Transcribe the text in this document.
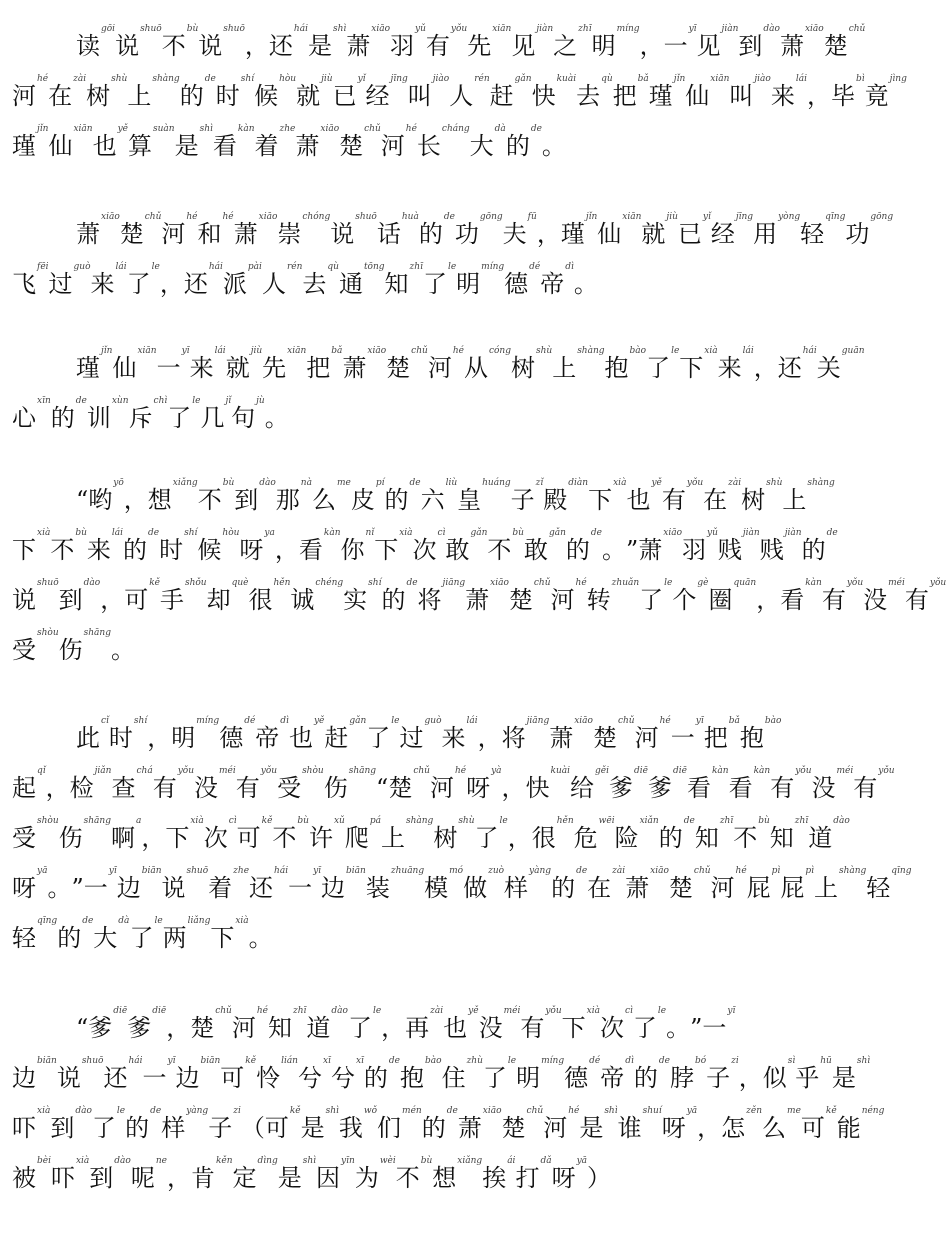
读gōi
说shuō
不bù
说shuō
， 还hái
是shì
萧xiāo
羽yǔ
有yǒu
先xiān
见jiàn
之zhī
明míng
， 一yī
见jiàn
到dào
萧xiāo
楚chǔ
河hé
在zài
树shù
上shàng
的de
时shí
候hòu
就jiù
已yǐ
经jīng
叫jiào
人rén
赶gǎn
快kuài
去qù
把bǎ
瑾jǐn
仙xiān
叫jiào
来lái
， 毕bì
竟jìng
瑾jǐn
仙xiān
也yě
算suàn
是shì
看kàn
着zhe
萧xiāo
楚chǔ
河hé
长cháng
大dà
的de
。
萧xiāo
楚chǔ
河hé
和hé
萧xiāo
崇chóng
说shuō
话huà
的de
功gōng
夫fū
， 瑾jǐn
仙xiān
就jiù
已yǐ
经jīng
用yòng
轻qīng
功gōng
飞fēi
过guò
来lái
了le
， 还hái
派pài
人rén
去qù
通tōng
知zhī
了le
明míng
德dé
帝dì
。
瑾jǐn
仙xiān
一yī
来lái
就jiù
先xiān
把bǎ
萧xiāo
楚chǔ
河hé
从cóng
树shù
上shàng
抱bào
了le
下xià
来lái
， 还hái
关guān
心xīn
的de
训xùn
斥chì
了le
几jǐ
句jù
。
“ 哟yō
， 想xiǎng
不bù
到dào
那nà
么me
皮pí
的de
六liù
皇huáng
子zǐ
殿diàn
下xià
也yě
有yǒu
在zài
树shù
上shàng
下xià
不bù
来lái
的de
时shí
候hòu
呀ya
， 看kàn
你nǐ
下xià
次cì
敢gǎn
不bù
敢gǎn
的de
。 ” 萧xiāo
羽yǔ
贱jiàn
贱jiàn
的de
说shuō
到dào
， 可kě
手shǒu
却què
很hěn
诚chéng
实shí
的de
将jiāng
萧xiāo
楚chǔ
河hé
转zhuǎn
了le
个gè
圈quān
， 看kàn
有yǒu
没méi
有yǒu
受shòu
伤shāng
。
此cǐ
时shí
， 明míng
德dé
帝dì
也yě
赶gǎn
了le
过guò
来lái
， 将jiāng
萧xiāo
楚chǔ
河hé
一yī
把bǎ
抱bào
起qǐ
， 检jiǎn
查chá
有yǒu
没méi
有yǒu
受shòu
伤shāng
“ 楚chǔ
河hé
呀yà
， 快kuài
给gěi
爹diē
爹diē
看kàn
看kàn
有yǒu
没méi
有yǒu
受shòu
伤shāng
啊a
， 下xià
次cì
可kě
不bù
许xǔ
爬pá
上shàng
树shù
了le
， 很hěn
危wēi
险xiǎn
的de
知zhī
不bù
知zhī
道dào
呀yā
。 ” 一yī
边biān
说shuō
着zhe
还hái
一yī
边biān
装zhuāng
模mó
做zuò
样yàng
的de
在zài
萧xiāo
楚chǔ
河hé
屁pì
屁pì
上shàng
轻qīng
轻qīng
的de
大dà
了le
两liǎng
下xià
。
“ 爹diē
爹diē
， 楚chǔ
河hé
知zhī
道dào
了le
， 再zài
也yě
没méi
有yǒu
下xià
次cì
了le
。 ” 一yī
边biān
说shuō
还hái
一yī
边biān
可kě
怜lián
兮xī
兮xī
的de
抱bào
住zhù
了le
明míng
德dé
帝dì
的de
脖bó
子zi
， 似sì
乎hū
是shì
吓xià
到dào
了le
的de
样yàng
子zi
（ 可kě
是shì
我wǒ
们mén
的de
萧xiāo
楚chǔ
河hé
是shì
谁shuí
呀yā
， 怎zěn
么me
可kě
能néng
被bèi
吓xià
到dào
呢ne
， 肯kěn
定dìng
是shì
因yīn
为wèi
不bù
想xiǎng
挨ái
打dǎ
呀yā
）
